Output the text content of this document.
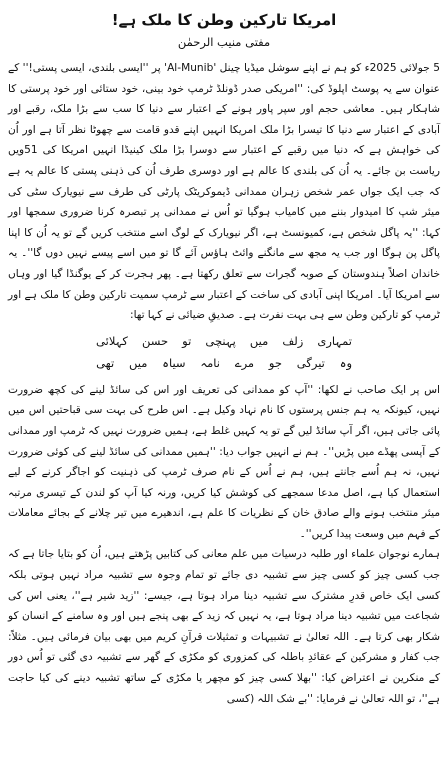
امریکا تارکین وطن کا ملک ہے!
مفتی منیب الرحمٰن

5 جولائی 2025ء کو ہم نے اپنے سوشل میڈیا چینل 'Al-Munib' پر ''ایسی بلندی، ایسی پستی!'' کے عنوان سے یہ پوسٹ اپلوڈ کی: ''امریکی صدر ڈونلڈ ٹرمپ خود بینی، خود ستائی اور خود پرستی کا شاہکار ہیں۔ معاشی حجم اور سپر پاور ہونے کے اعتبار سے دنیا کا سب سے بڑا ملک، رقبے اور آبادی کے اعتبار سے دنیا کا تیسرا بڑا ملک امریکا انہیں اپنے قدو قامت سے چھوٹا نظر آتا ہے اور اُن کی خواہش ہے کہ دنیا میں رقبے کے اعتبار سے دوسرا بڑا ملک کینیڈا انہیں امریکا کی 51ویں ریاست بن جائے۔ یہ اُن کی بلندی کا عالم ہے اور دوسری طرف اُن کی ذہنی پستی کا عالم یہ ہے کہ جب ایک جواں عمر شخص زہران ممدانی ڈیموکریٹک پارٹی کی طرف سے نیویارک سٹی کی میئر شپ کا امیدوار بننے میں کامیاب ہوگیا تو اُس نے ممدانی پر تبصرہ کرنا ضروری سمجھا اور کہا: ''یہ پاگل شخص ہے، کمیونسٹ ہے، اگر نیویارک کے لوگ اسے منتخب کریں گے تو یہ اُن کا اپنا پاگل پن ہوگا اور جب یہ مجھ سے مانگنے وائٹ ہاؤس آئے گا تو میں اسے پیسے نہیں دوں گا''۔ یہ خاندان اصلاً ہندوستان کے صوبہ گجرات سے تعلق رکھتا ہے۔ پھر ہجرت کر کے یوگنڈا گیا اور وہاں سے امریکا آیا۔ امریکا اپنی آبادی کی ساخت کے اعتبار سے ٹرمپ سمیت تارکین وطن کا ملک ہے اور ٹرمپ کو تارکین وطن سے ہی بہت نفرت ہے۔ صدیقِ ضیائی نے کہا تھا:

تمہاری
زلف
میں
پہنچی
تو
حسن
کہلائی
وہ
تیرگی
جو
مرے
نامہ
سیاہ
میں
تھی

اس پر ایک صاحب نے لکھا: ''آپ کو ممدانی کی تعریف اور اس کی سائڈ لینے کی کچھ ضرورت نہیں، کیونکہ یہ ہم جنس پرستوں کا نام نہاد وکیل ہے۔ اس طرح کی بہت سی قباحتیں اس میں پائی جاتی ہیں، اگر آپ سائڈ لیں گے تو یہ کہیں غلط ہے، ہمیں ضرورت نہیں کہ ٹرمپ اور ممدانی کے آپسی پھڈے میں پڑیں''۔ ہم نے انہیں جواب دیا: ''ہمیں ممدانی کی سائڈ لینے کی کوئی ضرورت نہیں، نہ ہم اُسے جانتے ہیں، ہم نے اُس کے نام صرف ٹرمپ کی ذہنیت کو اجاگر کرنے کے لیے استعمال کیا ہے، اصل مدعا سمجھے کی کوشش کیا کریں، ورنہ کیا آپ کو لندن کے تیسری مرتبہ میئر منتخب ہونے والے صادق خان کے نظریات کا علم ہے، اندھیرے میں تیر چلانے کے بجائے معاملات کے فہم میں وسعت پیدا کریں''۔

ہمارے نوجوان علماء اور طلبہ درسیات میں علم معانی کی کتابیں پڑھتے ہیں، اُن کو بتایا جاتا ہے کہ جب کسی چیز کو کسی چیز سے تشبیہ دی جائے تو تمام وجوہ سے تشبیہ مراد نہیں ہوتی بلکہ کسی ایک خاص قدرِ مشترک سے تشبیہ دینا مراد ہوتا ہے، جیسے: ''زید شیر ہے''، یعنی اس کی شجاعت میں تشبیہ دینا مراد ہوتا ہے، یہ نہیں کہ زید کے بھی پنجے ہیں اور وہ سامنے کے انسان کو شکار بھی کرتا ہے۔ اللہ تعالیٰ نے تشبیہات و تمثیلات قرآنِ کریم میں بھی بیان فرمائی ہیں۔ مثلاً: جب کفار و مشرکین کے عقائدِ باطلہ کی کمزوری کو مکڑی کے گھر سے تشبیہ دی گئی تو اُس دور کے منکرین نے اعتراض کیا: ''بھلا کسی چیز کو مچھر یا مکڑی کے ساتھ تشبیہ دینے کی کیا حاجت ہے''، تو اللہ تعالیٰ نے فرمایا: ''بے شک اللہ (کسی
